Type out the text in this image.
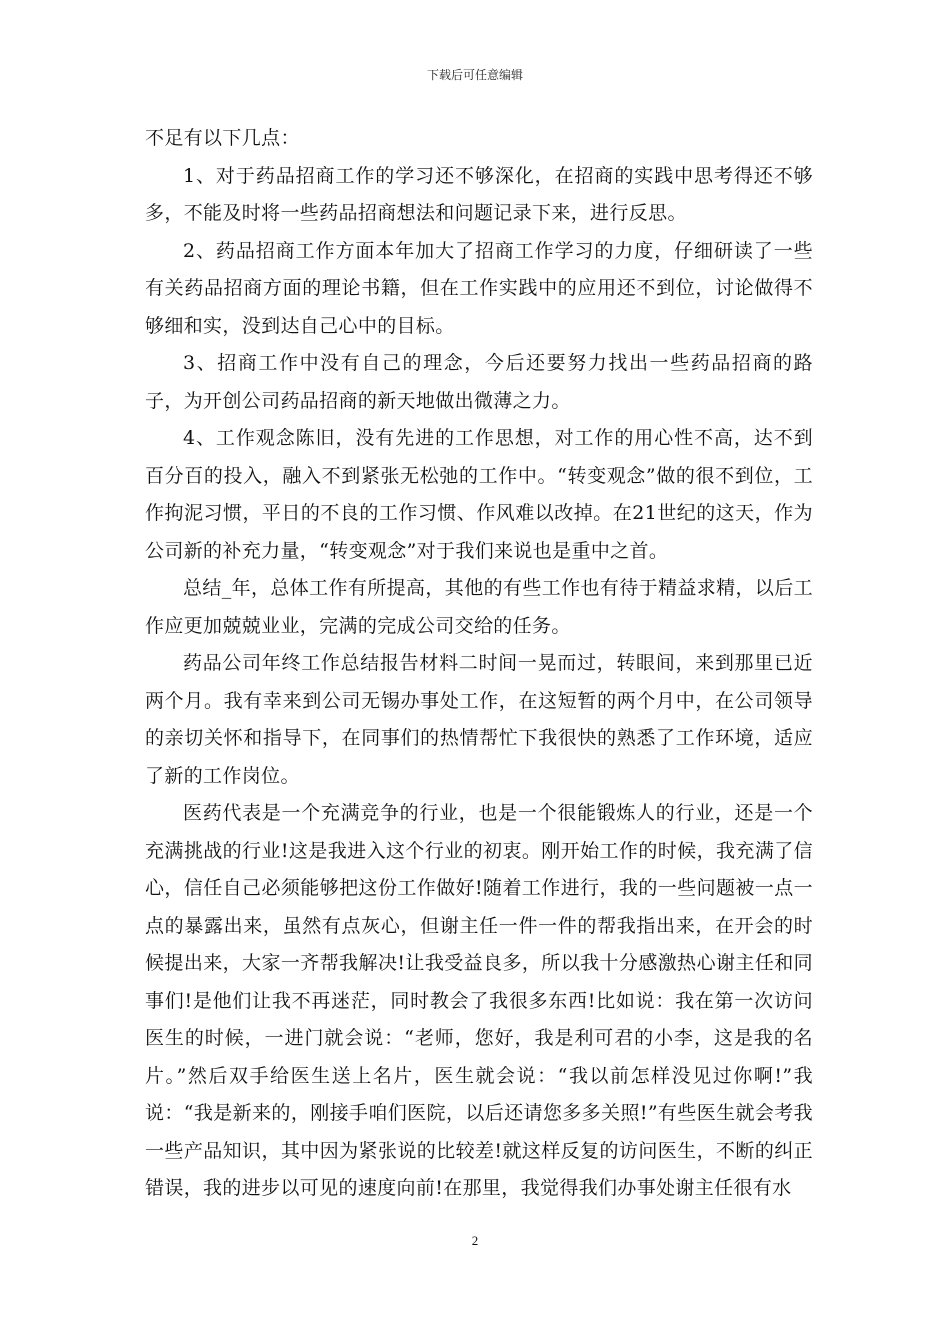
下载后可任意编辑

不足有以下几点：

1、对于药品招商工作的学习还不够深化，在招商的实践中思考得还不够多，不能及时将一些药品招商想法和问题记录下来，进行反思。

2、药品招商工作方面本年加大了招商工作学习的力度，仔细研读了一些有关药品招商方面的理论书籍，但在工作实践中的应用还不到位，讨论做得不够细和实，没到达自己心中的目标。

3、招商工作中没有自己的理念，今后还要努力找出一些药品招商的路子，为开创公司药品招商的新天地做出微薄之力。

4、工作观念陈旧，没有先进的工作思想，对工作的用心性不高，达不到百分百的投入，融入不到紧张无松弛的工作中。“转变观念”做的很不到位，工作拘泥习惯，平日的不良的工作习惯、作风难以改掉。在21世纪的这天，作为公司新的补充力量，“转变观念”对于我们来说也是重中之首。

总结_年，总体工作有所提高，其他的有些工作也有待于精益求精，以后工作应更加兢兢业业，完满的完成公司交给的任务。

药品公司年终工作总结报告材料二时间一晃而过，转眼间，来到那里已近两个月。我有幸来到公司无锡办事处工作，在这短暂的两个月中，在公司领导的亲切关怀和指导下，在同事们的热情帮忙下我很快的熟悉了工作环境，适应了新的工作岗位。

医药代表是一个充满竞争的行业，也是一个很能锻炼人的行业，还是一个充满挑战的行业!这是我进入这个行业的初衷。刚开始工作的时候，我充满了信心，信任自己必须能够把这份工作做好!随着工作进行，我的一些问题被一点一点的暴露出来，虽然有点灰心，但谢主任一件一件的帮我指出来，在开会的时候提出来，大家一齐帮我解决!让我受益良多，所以我十分感激热心谢主任和同事们!是他们让我不再迷茫，同时教会了我很多东西!比如说：我在第一次访问医生的时候，一进门就会说：“老师，您好，我是利可君的小李，这是我的名片。”然后双手给医生送上名片，医生就会说：“我以前怎样没见过你啊!”我说：“我是新来的，刚接手咱们医院，以后还请您多多关照!”有些医生就会考我一些产品知识，其中因为紧张说的比较差!就这样反复的访问医生，不断的纠正错误，我的进步以可见的速度向前!在那里，我觉得我们办事处谢主任很有水

2
